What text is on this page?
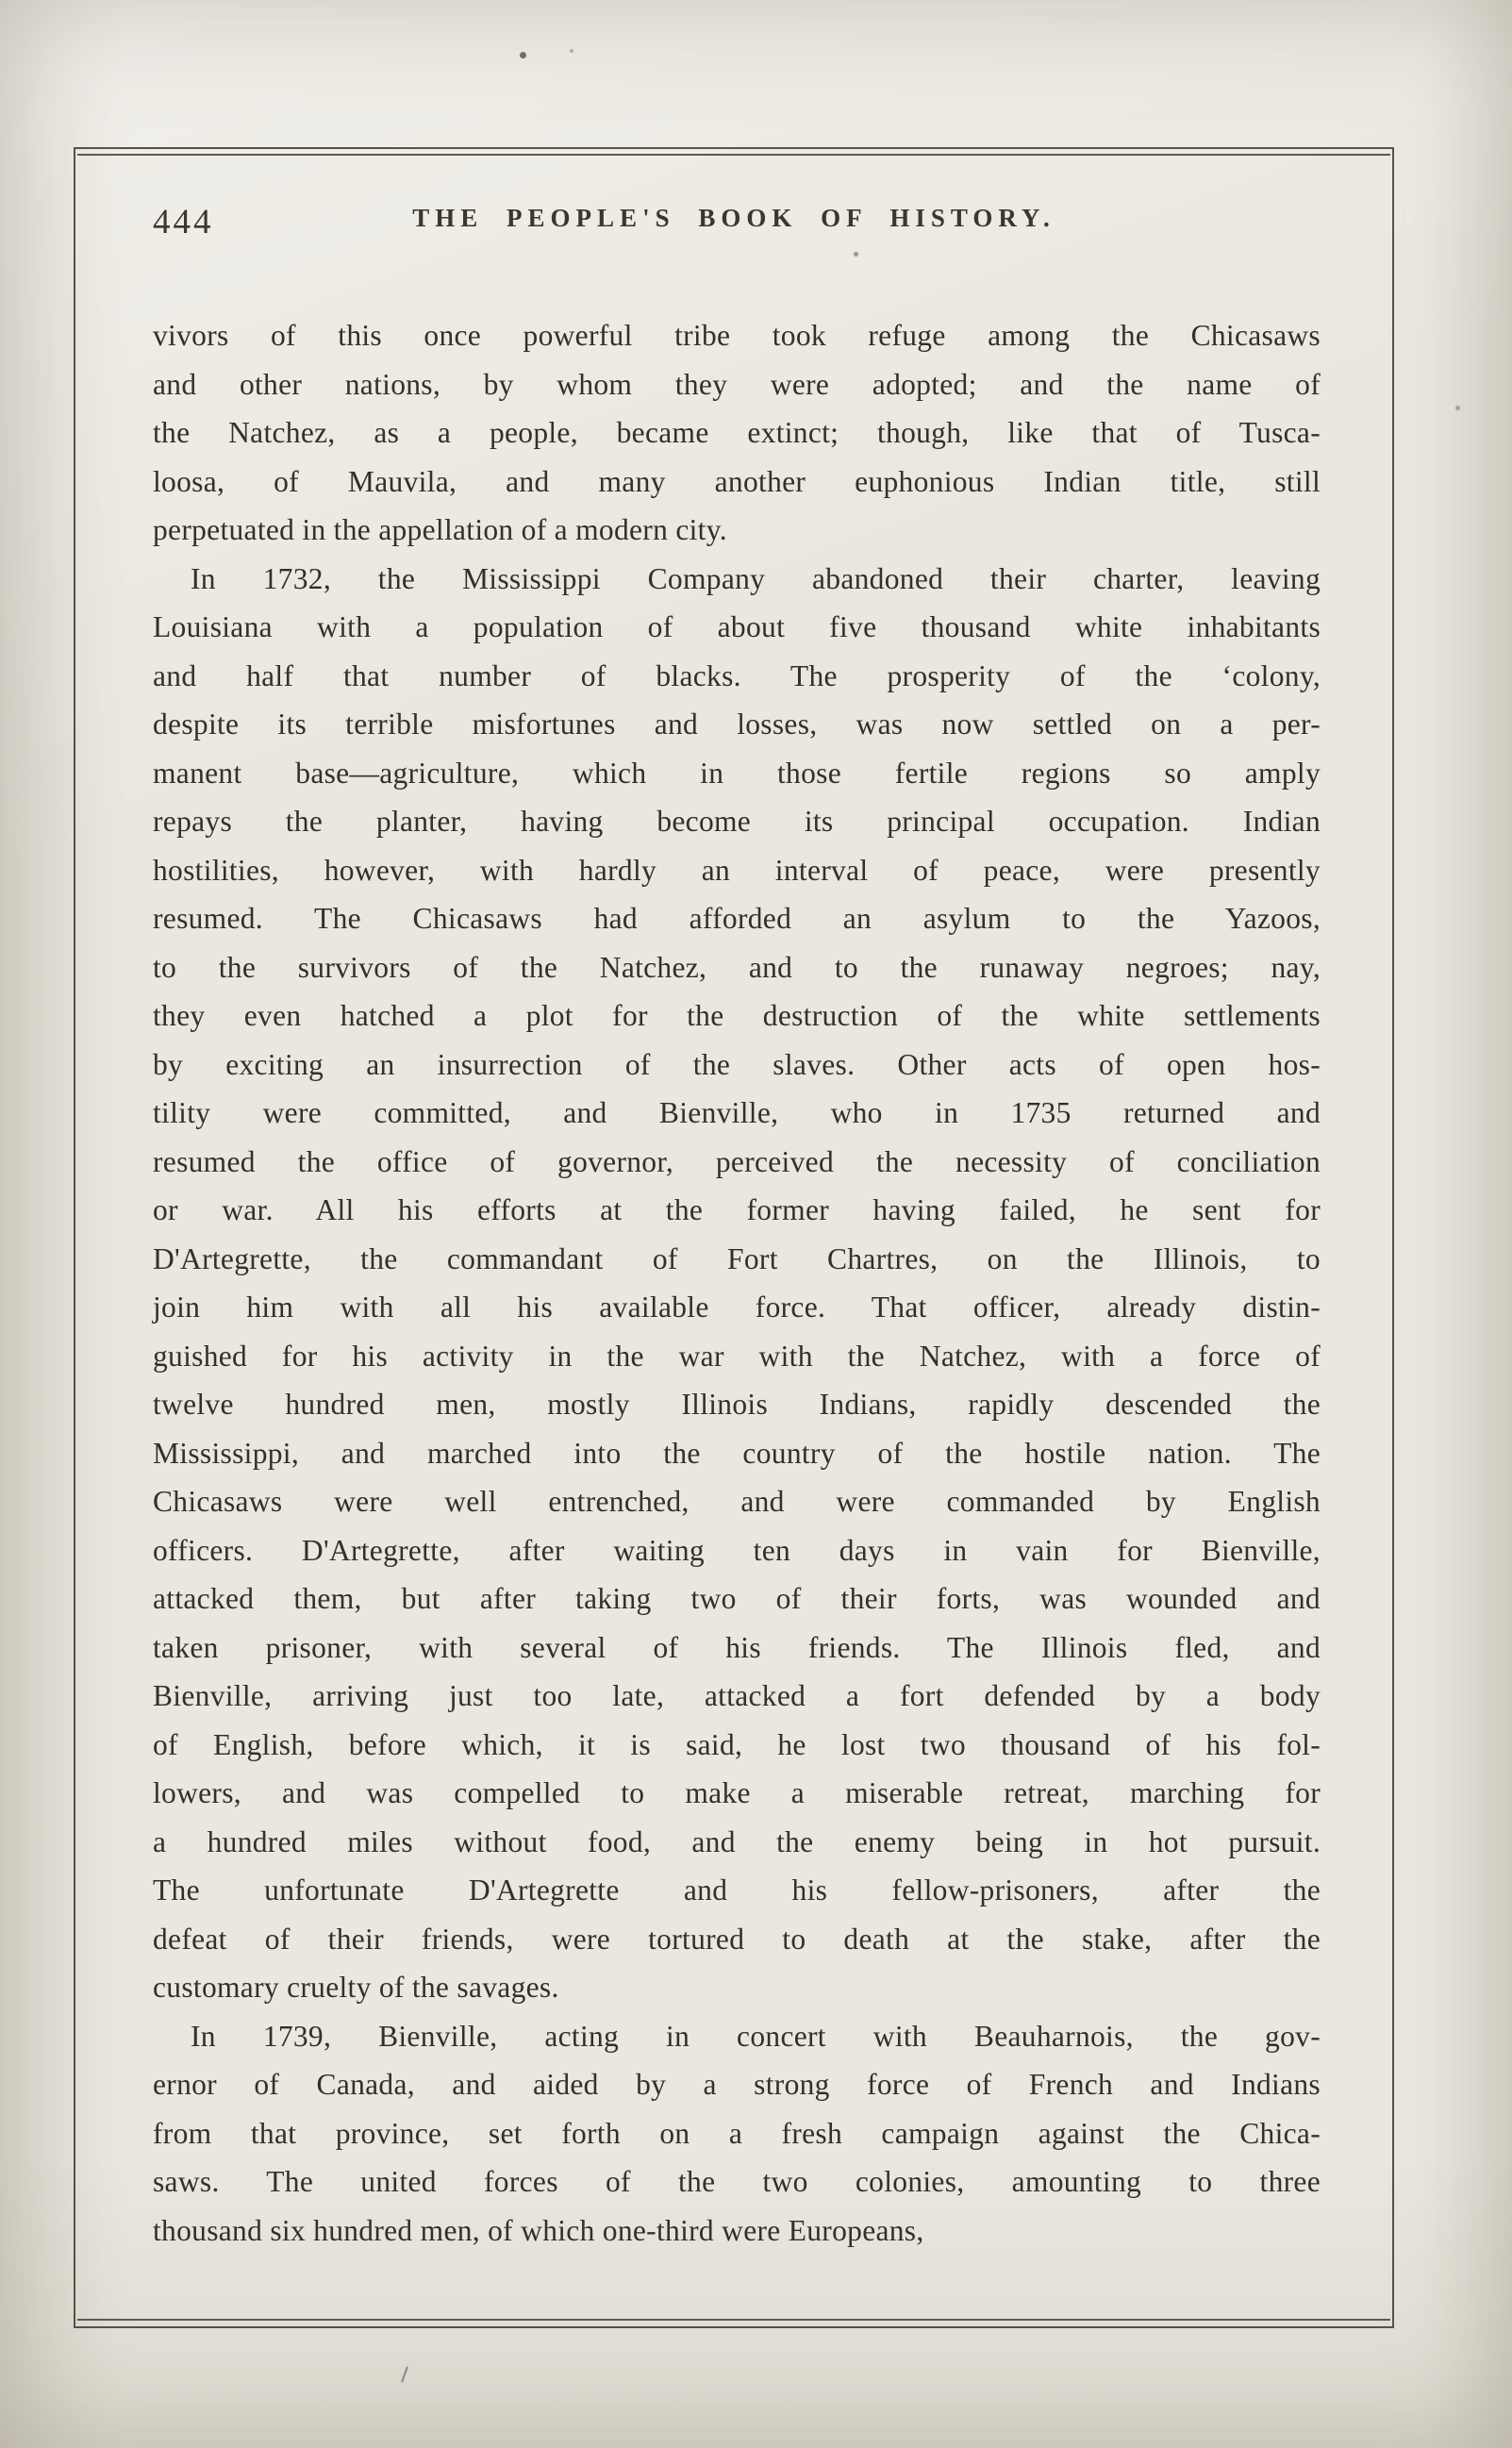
444	THE PEOPLE'S BOOK OF HISTORY.
vivors of this once powerful tribe took refuge among the Chicasaws
and other nations, by whom they were adopted; and the name of
the Natchez, as a people, became extinct; though, like that of Tusca-
loosa, of Mauvila, and many another euphonious Indian title, still
perpetuated in the appellation of a modern city.
In 1732, the Mississippi Company abandoned their charter, leaving
Louisiana with a population of about five thousand white inhabitants
and half that number of blacks. The prosperity of the ‘colony,
despite its terrible misfortunes and losses, was now settled on a per-
manent base—agriculture, which in those fertile regions so amply
repays the planter, having become its principal occupation. Indian
hostilities, however, with hardly an interval of peace, were presently
resumed. The Chicasaws had afforded an asylum to the Yazoos,
to the survivors of the Natchez, and to the runaway negroes; nay,
they even hatched a plot for the destruction of the white settlements
by exciting an insurrection of the slaves. Other acts of open hos-
tility were committed, and Bienville, who in 1735 returned and
resumed the office of governor, perceived the necessity of conciliation
or war. All his efforts at the former having failed, he sent for
D'Artegrette, the commandant of Fort Chartres, on the Illinois, to
join him with all his available force. That officer, already distin-
guished for his activity in the war with the Natchez, with a force of
twelve hundred men, mostly Illinois Indians, rapidly descended the
Mississippi, and marched into the country of the hostile nation. The
Chicasaws were well entrenched, and were commanded by English
officers. D'Artegrette, after waiting ten days in vain for Bienville,
attacked them, but after taking two of their forts, was wounded and
taken prisoner, with several of his friends. The Illinois fled, and
Bienville, arriving just too late, attacked a fort defended by a body
of English, before which, it is said, he lost two thousand of his fol-
lowers, and was compelled to make a miserable retreat, marching for
a hundred miles without food, and the enemy being in hot pursuit.
The unfortunate D'Artegrette and his fellow-prisoners, after the
defeat of their friends, were tortured to death at the stake, after the
customary cruelty of the savages.
In 1739, Bienville, acting in concert with Beauharnois, the gov-
ernor of Canada, and aided by a strong force of French and Indians
from that province, set forth on a fresh campaign against the Chica-
saws. The united forces of the two colonies, amounting to three
thousand six hundred men, of which one-third were Europeans,
